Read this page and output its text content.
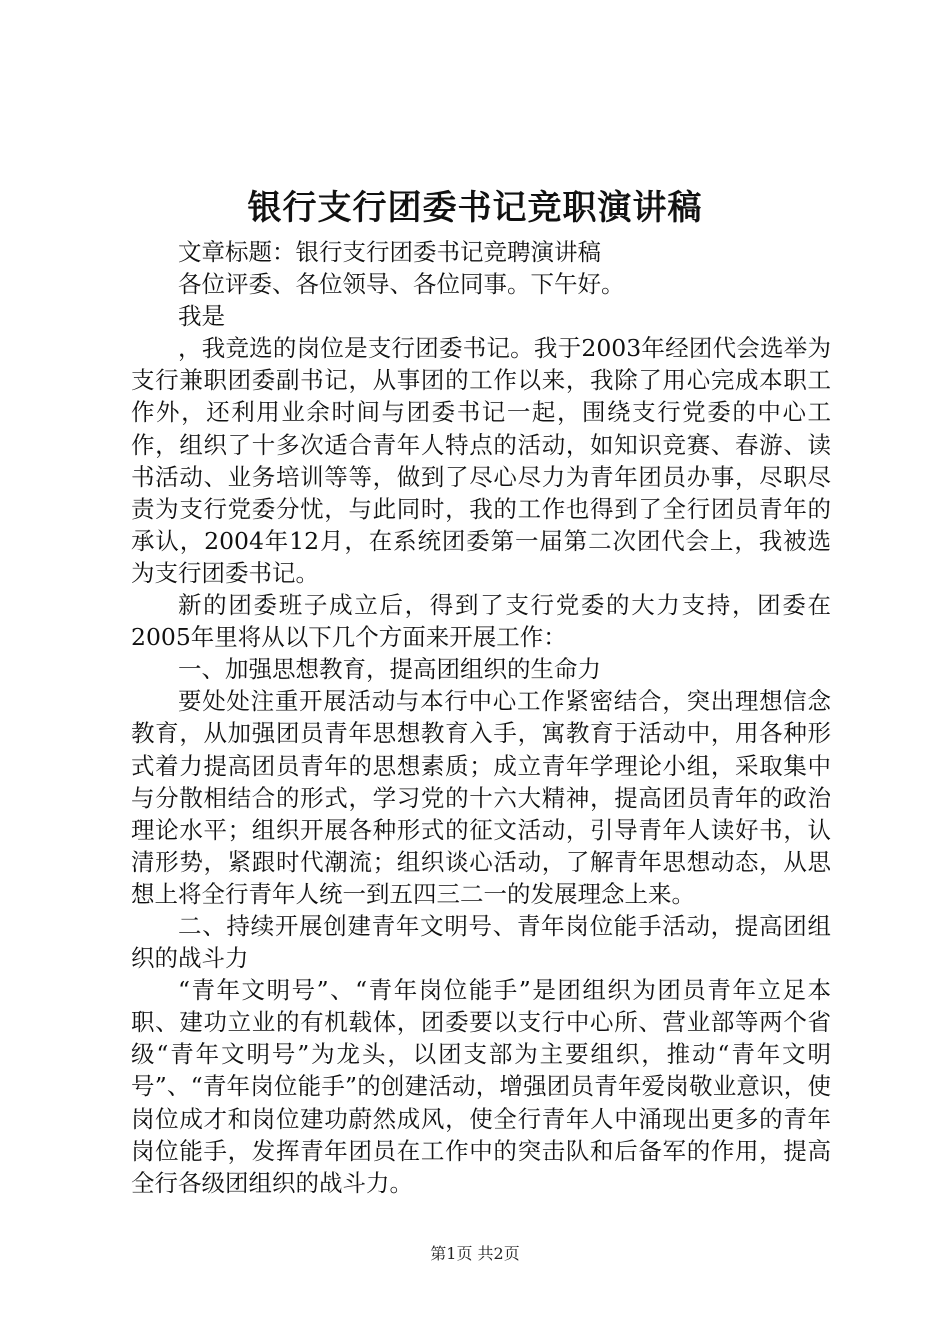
银行支行团委书记竞职演讲稿

文章标题：银行支行团委书记竞聘演讲稿

各位评委、各位领导、各位同事。下午好。

我是

，我竞选的岗位是支行团委书记。我于2003年经团代会选举为支行兼职团委副书记，从事团的工作以来，我除了用心完成本职工作外，还利用业余时间与团委书记一起，围绕支行党委的中心工作，组织了十多次适合青年人特点的活动，如知识竞赛、春游、读书活动、业务培训等等，做到了尽心尽力为青年团员办事，尽职尽责为支行党委分忧，与此同时，我的工作也得到了全行团员青年的承认，2004年12月，在系统团委第一届第二次团代会上，我被选为支行团委书记。

新的团委班子成立后，得到了支行党委的大力支持，团委在2005年里将从以下几个方面来开展工作：

一、加强思想教育，提高团组织的生命力

要处处注重开展活动与本行中心工作紧密结合，突出理想信念教育，从加强团员青年思想教育入手，寓教育于活动中，用各种形式着力提高团员青年的思想素质；成立青年学理论小组，采取集中与分散相结合的形式，学习党的十六大精神，提高团员青年的政治理论水平；组织开展各种形式的征文活动，引导青年人读好书，认清形势，紧跟时代潮流；组织谈心活动，了解青年思想动态，从思想上将全行青年人统一到五四三二一的发展理念上来。

二、持续开展创建青年文明号、青年岗位能手活动，提高团组织的战斗力

“青年文明号”、“青年岗位能手”是团组织为团员青年立足本职、建功立业的有机载体，团委要以支行中心所、营业部等两个省级“青年文明号”为龙头，以团支部为主要组织，推动“青年文明号”、“青年岗位能手”的创建活动，增强团员青年爱岗敬业意识，使岗位成才和岗位建功蔚然成风，使全行青年人中涌现出更多的青年岗位能手，发挥青年团员在工作中的突击队和后备军的作用，提高全行各级团组织的战斗力。

第1页 共2页
